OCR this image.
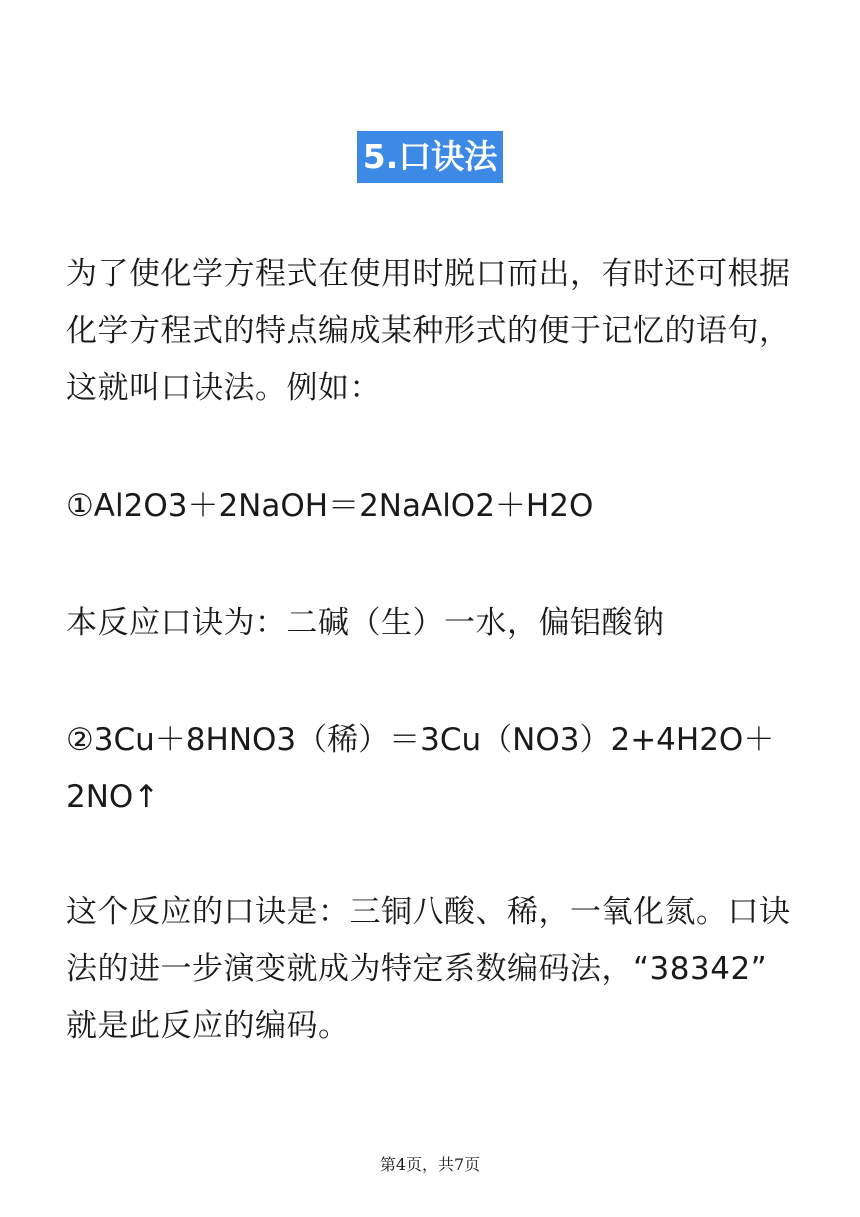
5.口诀法
为了使化学方程式在使用时脱口而出，有时还可根据
化学方程式的特点编成某种形式的便于记忆的语句，
这就叫口诀法。例如：
①Al2O3＋2NaOH＝2NaAlO2＋H2O
本反应口诀为：二碱（生）一水，偏铝酸钠
②3Cu＋8HNO3（稀）＝3Cu（NO3）2+4H2O＋
2NO↑
这个反应的口诀是：三铜八酸、稀，一氧化氮。口诀
法的进一步演变就成为特定系数编码法，“38342”
就是此反应的编码。
第4页，共7页
